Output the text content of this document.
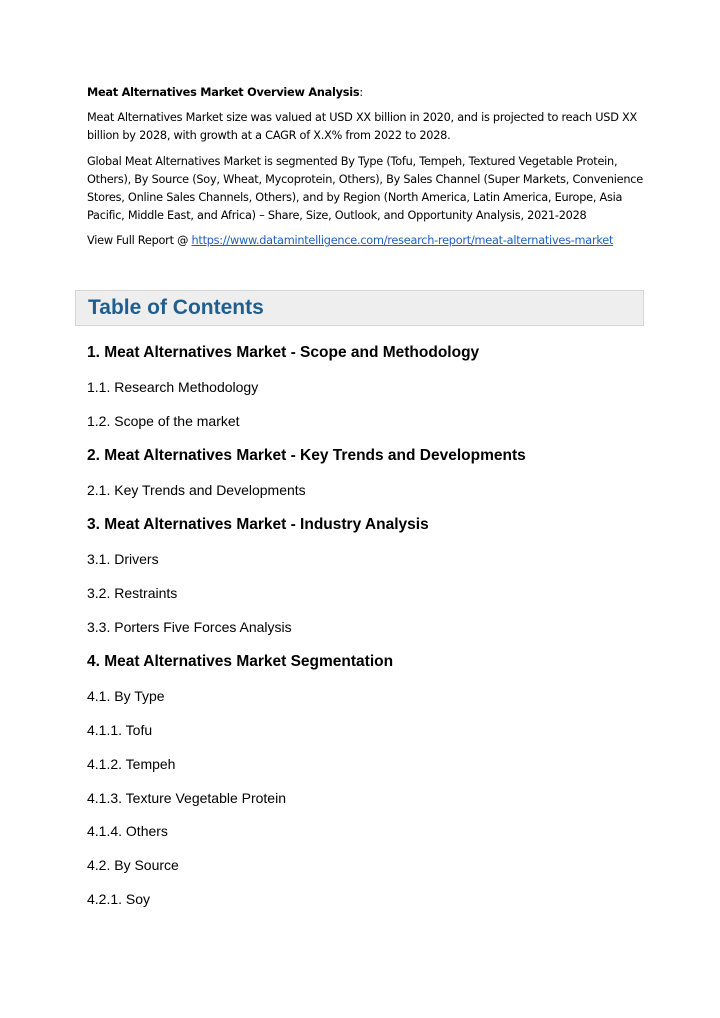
Meat Alternatives Market Overview Analysis:

Meat Alternatives Market size was valued at USD XX billion in 2020, and is projected to reach USD XX billion by 2028, with growth at a CAGR of X.X% from 2022 to 2028.

Global Meat Alternatives Market is segmented By Type (Tofu, Tempeh, Textured Vegetable Protein, Others), By Source (Soy, Wheat, Mycoprotein, Others), By Sales Channel (Super Markets, Convenience Stores, Online Sales Channels, Others), and by Region (North America, Latin America, Europe, Asia Pacific, Middle East, and Africa) – Share, Size, Outlook, and Opportunity Analysis, 2021-2028

View Full Report @ https://www.datamintelligence.com/research-report/meat-alternatives-market

Table of Contents
1. Meat Alternatives Market - Scope and Methodology
1.1. Research Methodology
1.2. Scope of the market
2. Meat Alternatives Market - Key Trends and Developments
2.1. Key Trends and Developments
3. Meat Alternatives Market - Industry Analysis
3.1. Drivers
3.2. Restraints
3.3. Porters Five Forces Analysis
4. Meat Alternatives Market Segmentation
4.1. By Type
4.1.1. Tofu
4.1.2. Tempeh
4.1.3. Texture Vegetable Protein
4.1.4. Others
4.2. By Source
4.2.1. Soy
